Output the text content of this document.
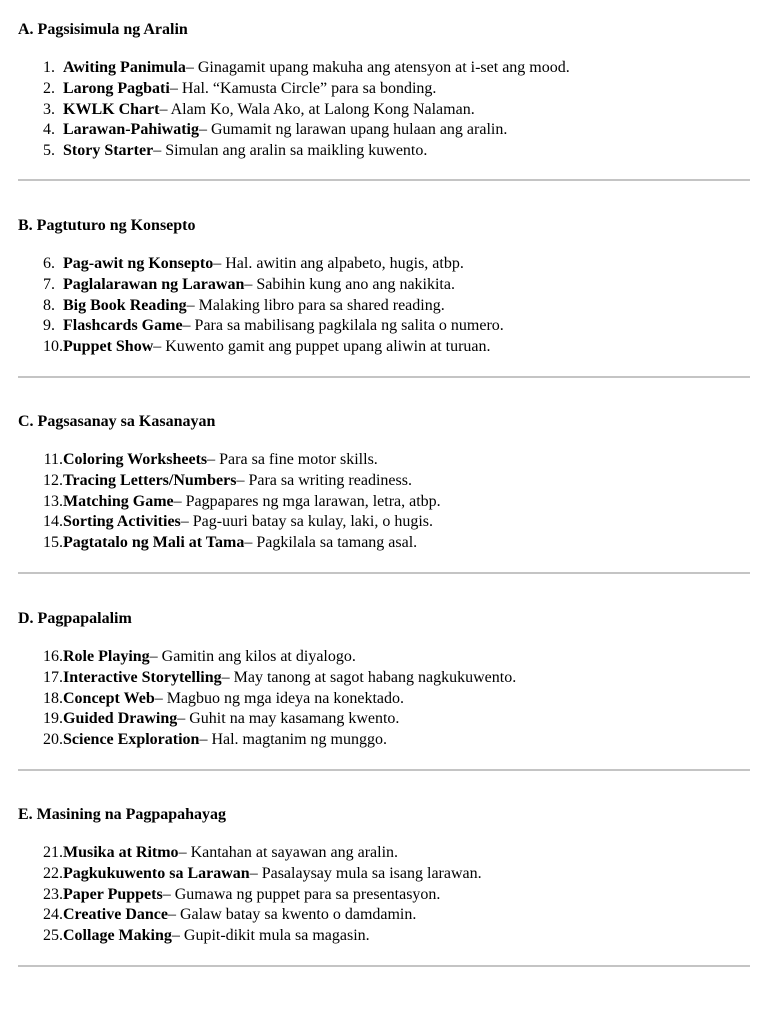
A. Pagsisimula ng Aralin
1. Awiting Panimula – Ginagamit upang makuha ang atensyon at i-set ang mood.
2. Larong Pagbati – Hal. “Kamusta Circle” para sa bonding.
3. KWLK Chart – Alam Ko, Wala Ako, at Lalong Kong Nalaman.
4. Larawan-Pahiwatig – Gumamit ng larawan upang hulaan ang aralin.
5. Story Starter – Simulan ang aralin sa maikling kuwento.
B. Pagtuturo ng Konsepto
6. Pag-awit ng Konsepto – Hal. awitin ang alpabeto, hugis, atbp.
7. Paglalarawan ng Larawan – Sabihin kung ano ang nakikita.
8. Big Book Reading – Malaking libro para sa shared reading.
9. Flashcards Game – Para sa mabilisang pagkilala ng salita o numero.
10. Puppet Show – Kuwento gamit ang puppet upang aliwin at turuan.
C. Pagsasanay sa Kasanayan
11. Coloring Worksheets – Para sa fine motor skills.
12. Tracing Letters/Numbers – Para sa writing readiness.
13. Matching Game – Pagpapares ng mga larawan, letra, atbp.
14. Sorting Activities – Pag-uuri batay sa kulay, laki, o hugis.
15. Pagtatalo ng Mali at Tama – Pagkilala sa tamang asal.
D. Pagpapalalim
16. Role Playing – Gamitin ang kilos at diyalogo.
17. Interactive Storytelling – May tanong at sagot habang nagkukuwento.
18. Concept Web – Magbuo ng mga ideya na konektado.
19. Guided Drawing – Guhit na may kasamang kwento.
20. Science Exploration – Hal. magtanim ng munggo.
E. Masining na Pagpapahayag
21. Musika at Ritmo – Kantahan at sayawan ang aralin.
22. Pagkukuwento sa Larawan – Pasalaysay mula sa isang larawan.
23. Paper Puppets – Gumawa ng puppet para sa presentasyon.
24. Creative Dance – Galaw batay sa kwento o damdamin.
25. Collage Making – Gupit-dikit mula sa magasin.
